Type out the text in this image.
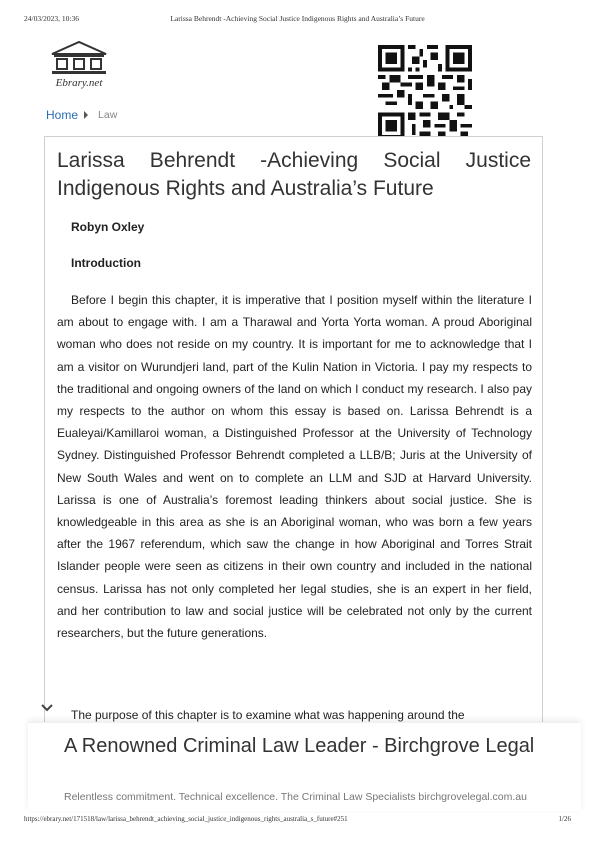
24/03/2023, 10:36	Larissa Behrendt -Achieving Social Justice Indigenous Rights and Australia’s Future
Ebrary.net
Home Law
Larissa Behrendt -Achieving Social Justice Indigenous Rights and Australia’s Future
Robyn Oxley
Introduction
Before I begin this chapter, it is imperative that I position myself within the literature I am about to engage with. I am a Tharawal and Yorta Yorta woman. A proud Aboriginal woman who does not reside on my country. It is important for me to acknowledge that I am a visitor on Wurundjeri land, part of the Kulin Nation in Victoria. I pay my respects to the traditional and ongoing owners of the land on which I conduct my research. I also pay my respects to the author on whom this essay is based on. Larissa Behrendt is a Eualeyai/Kamillaroi woman, a Distinguished Professor at the University of Technology Sydney. Distinguished Professor Behrendt completed a LLB/B; Juris at the University of New South Wales and went on to complete an LLM and SJD at Harvard University. Larissa is one of Australia’s foremost leading thinkers about social justice. She is knowledgeable in this area as she is an Aboriginal woman, who was born a few years after the 1967 referendum, which saw the change in how Aboriginal and Torres Strait Islander people were seen as citizens in their own country and included in the national census. Larissa has not only completed her legal studies, she is an expert in her field, and her contribution to law and social justice will be celebrated not only by the current researchers, but the future generations.
The purpose of this chapter is to examine what was happening around the
A Renowned Criminal Law Leader - Birchgrove Legal
Relentless commitment. Technical excellence. The Criminal Law Specialists birchgrovelegal.com.au
https://ebrary.net/171518/law/larissa_behrendt_achieving_social_justice_indigenous_rights_australia_s_future#251	1/26
